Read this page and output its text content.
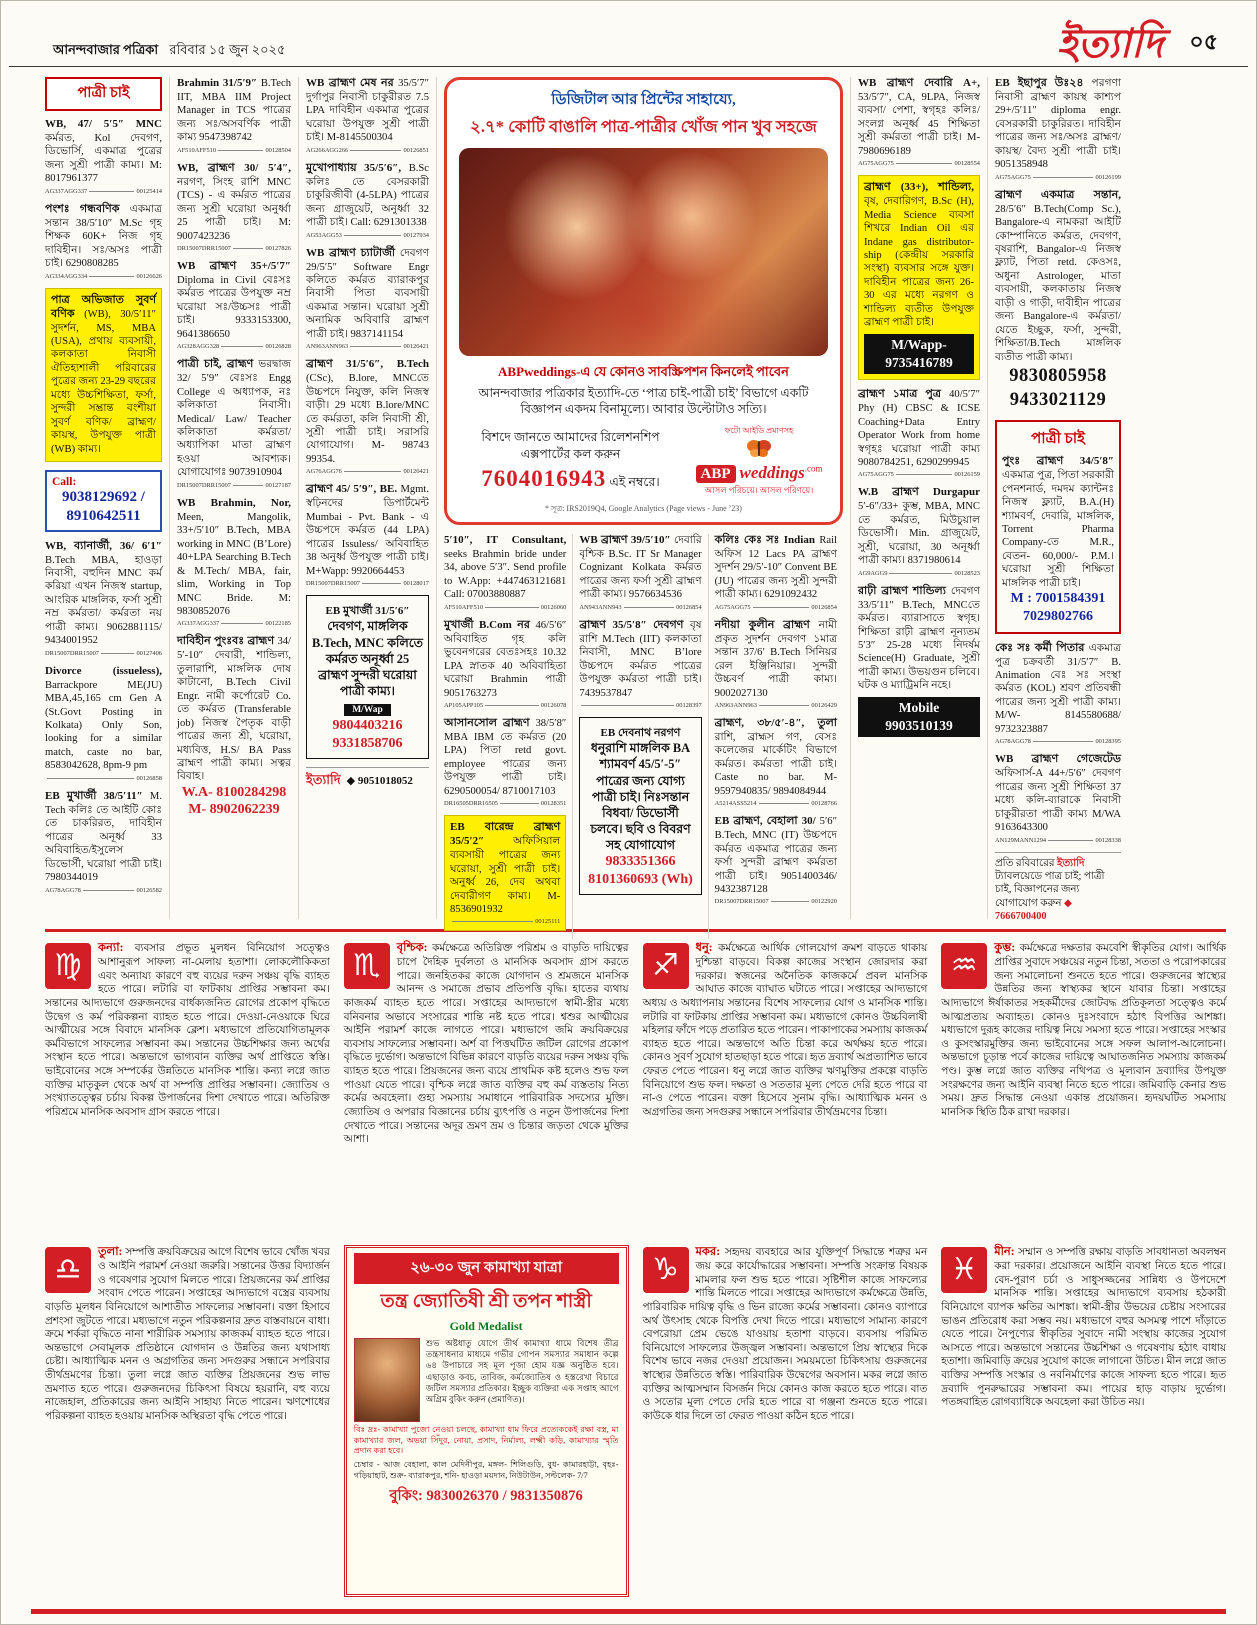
আনন্দবাজার পত্রিকা রবিবার ১৫ জুন ২০২৫	ইত্যাদি ০৫
পাত্রী চাই

WB, 47/ 5′5″ MNC কর্মরত, Kol দেবগণ, ডিভোর্সি, একমাত্র পুত্রের জন্য সুশ্রী পাত্রী কাম্য। M: 8017961377

AG337AGG337	00125414

পংশঃ গন্ধবণিক একমাত্র সন্তান 38/5′10″ M.Sc গৃহ শিক্ষক 60K+ নিজ গৃহ দাবিহীন। সঃ/অসঃ পাত্রী চাই। 6290808285

AG334AGG334	00126626

পাত্র অভিজাত সুবর্ণ বণিক (WB), 30/5′11″ সুদর্শন, MS, MBA (USA), প্রথায় ব্যবসায়ী, কলকাতা নিবাসী ঐতিহ্যশালী পরিবারের পুত্রের জন্য 23-29 বছরের মধ্যে উচ্চশিক্ষিতা, ফর্সা, সুন্দরী সম্ভ্রান্ত বংশীয়া সুবর্ণ বণিক/ ব্রাহ্মণ/ কায়স্থ, উপযুক্ত পাত্রী (WB) কাম্য।

Call:
9038129692 /
8910642511

WB, ব্যানার্জী, 36/ 6′1″ B.Tech MBA, হাওড়া নিবাসী, বহুদিন MNC কর্ম করিয়া এখন নিজস্ব startup, আংরিক মাঙ্গলিক, ফর্সা সুশ্রী নম্র কর্মরতা/ কর্মরতা নয় পাত্রী কাম্য। 9062881115/ 9434001952

DR15007DRR15007	00127406

Divorce (issueless), Barrackpore ME(JU) MBA,45,165 cm Gen A (St.Govt Posting in Kolkata) Only Son, looking for a similar match, caste no bar, 8583042628, 8pm-9 pm

00126858

EB মুখার্জী 38/5′11″ M. Tech কলিঃ তে আইটি কোঃ তে চাকরিরত, দাবিহীন পাত্রের অনূর্ধ্ব 33 অবিবাহিত/ইসুলেস ডিভোর্সী, ঘরোয়া পাত্রী চাই। 7980344019

AG78AGG78	00126582

Brahmin 31/5′9″ B.Tech IIT, MBA IIM Project Manager in TCS পাত্রের জন্য সঃ/অসবর্ণিক পাত্রী কাম্য 9547398742

AF510AFF510	00128504

WB, ব্রাহ্মণ 30/ 5′4″, নরগণ, সিংহ রাশি MNC (TCS) - এ কর্মরত পাত্রের জন্য সুশ্রী ঘরোয়া অনুর্ধ্বা 25 পাত্রী চাই। M: 9007423236

DR15007DRR15007	00127826

WB ব্রাহ্মণ 35+/5′7″ Diploma in Civil বেঃসঃ কর্মরত পাত্রের উপযুক্ত নম্র ঘরোয়া সঃ/উচ্চসঃ পাত্রী চাই। 9333153300, 9641386650

AG328AGG328	00126828

পাত্রী চাই, ব্রাহ্মণ ভরদ্বাজ 32/ 5′9″ বেঃসঃ Engg College এ অধ্যাপক, নঃ কলিকাতা নিবাসী। Medical/ Law/ Teacher কলিকাতা কর্মরতা/ অধ্যাপিকা মাতা ব্রাহ্মণ হওয়া আবশ্যক। যোগাযোগঃ 9073910904

DR15007DRR15007	00127187

WB Brahmin, Nor, Meen, Mangolik, 33+/5′10″ B.Tech, MBA working in MNC (B’Lore) 40+LPA Searching B.Tech & M.Tech/ MBA, fair, slim, Working in Top MNC Bride. M: 9830852076

AG337AGG337	00122185

দাবিহীন পুংঃবঃ ব্রাহ্মণ 34/ 5′-10″ দেবারী, শান্ডিল্য, তুলারাশি, মাঙ্গলিক দোষ কাটানো, B.Tech Civil Engr. নামী কর্পোরেট Co. তে কর্মরত (Transferable job) নিজস্ব পৈতৃক বাড়ী পাত্রের জন্য শ্রী, ঘরোয়া, মধ্যবিত্ত, H.S/ BA Pass ব্রাহ্মণ পাত্রী কাম্য। সত্বর বিবাহ।

W.A- 8100284298
M- 8902062239

WB ব্রাহ্মণ মেষ নর 35/5′7″ দুর্গাপুর নিবাসী চাকুরীরত 7.5 LPA দাবিহীন একমাত্র পুত্রের ঘরোয়া উপযুক্ত সুশ্রী পাত্রী চাই। M-8145500304

AG266AGG266	00126851

মুখোপাধ্যায় 35/5′6″, B.Sc কলিঃ তে বেসরকারী চাকুরিজীবী (4-5LPA) পাত্রের জন্য গ্রাজুয়েট, অনুর্ধ্বা 32 পাত্রী চাই। Call: 6291301338

AG53AGG53	00127934

WB ব্রাহ্মণ চ্যাটার্জী দেবগণ 29/5′5″ Software Engr কলিতে কর্মরত ব্যারাকপুর নিবাসী পিতা ব্যবসায়ী একমাত্র সন্তান। ঘরোয়া সুশ্রী অনামিক অবিবারি ব্রাহ্মণ পাত্রী চাই। 9837141154

AN963ANN963	00126421

ব্রাহ্মণ 31/5′6″, B.Tech (CSc), B.lore, MNCতে উচ্চপদে নিযুক্ত, কলি নিজস্ব বাড়ী। 29 মধ্যে B.lore/MNC তে কর্মরতা, কলি নিবাসী শ্রী, সুশ্রী পাত্রী চাই। সরাসরি যোগাযোগ। M- 98743 99354.

AG76AGG76	00126421

ব্রাহ্মণ 45/ 5′9″, BE. Mgmt. স্বঢ়িনদের ডিপার্টমেন্ট Mumbai - Pvt. Bank - এ উচ্চপদে কর্মরত (44 LPA) পাত্রের Issuless/ অবিবাহিত 38 অনুর্ধ্ব উপযুক্ত পাত্রী চাই। M+Wapp: 9920664453

DR15007DRR15007	00128017

EB মুখার্জী 31/5′6″ দেবগণ, মাঙ্গলিক B.Tech, MNC কলিতে কর্মরত অনূর্ধ্বা 25 ব্রাহ্মণ সুন্দরী ঘরোয়া পাত্রী কাম্য।

M/Wap
9804403216
9331858706
ইত্যাদি ◆ 9051018052
ডিজিটাল আর প্রিন্টের সাহায্যে,
২.৭* কোটি বাঙালি পাত্র-পাত্রীর খোঁজ পান খুব সহজে

ABPweddings-এ যে কোনও সাবস্ক্রিপশন কিনলেই পাবেন

আনন্দবাজার পত্রিকার ইত্যাদি-তে ‘পাত্র চাই-পাত্রী চাই’ বিভাগে একটি বিজ্ঞাপন একদম বিনামূল্যে। আবার উল্টোটাও সত্যি।

বিশদে জানতে আমাদের রিলেশনশিপ এক্সপার্টের কল করুন
7604016943 এই নম্বরে।
ফটো আইডি প্রমাণসহ
ABP weddings$^{.com}$
আসল পরিচয়ে। আসল পরিণয়ে।
* সূত্র: IRS2019Q4, Google Analytics (Page views - June ’23)

5′10″, IT Consultant, seeks Brahmin bride under 34, above 5′3″. Send profile to W.App: +447463121681 Call: 07003880887

AF510AFF510	00126060

মুখার্জী B.Com নর 46/5′6″ অবিবাহিত গৃহ কলি ভুবেনগরের বেতঃসহঃ 10.32 LPA স্নাতক 40 অবিবাহিতা ঘরোয়া Brahmin পাত্রী 9051763273

AP105APP105	00126078

আসানসোল ব্রাহ্মণ 38/5′8″ MBA IBM তে কর্মরত (20 LPA) পিতা retd govt. employee পাত্রের জন্য উপযুক্ত পাত্রী চাই। 6290500054/ 8710017103

DR16505DRR16505	00128351

EB বারেন্দ্র ব্রাহ্মণ 35/5′2″ অফিসিয়াল ব্যবসায়ী পাত্রের জন্য ঘরোয়া, সুশ্রী পাত্রী চাই। অনুর্ধ্ব 26, দেব অথবা দেবারীগণ কাম্য। M-8536901932

00125111

WB ব্রাহ্মণ 39/5′10″ দেবারি বৃশ্চিক B.Sc. IT Sr Manager Cognizant Kolkata কর্মরত পাত্রের জন্য ফর্সা সুশ্রী ব্রাহ্মণ পাত্রী কাম্য। 9576634536

AN943ANN943	00126854

ব্রাহ্মণ 35/5′8″ দেবগণ বৃষ রাশি M.Tech (IIT) কলকাতা নিবাসী, MNC B’lore উচ্চপদে কর্মরত পাত্রের উপযুক্ত কর্মরতা পাত্রী চাই। 7439537847

00128397

EB দেবনাথ নরগণ ধনুরাশি মাঙ্গলিক BA শ্যামবর্ণ 45/5′-5″ পাত্রের জন্য যোগ্য পাত্রী চাই। নিঃসন্তান বিধবা/ ডিভোর্সী চলবে। ছবি ও বিবরণ সহ যোগাযোগ

9833351366
8101360693 (Wh)

কলিঃ কেঃ সঃ Indian Rail অফিস 12 Lacs PA ব্রাহ্মণ সুদর্শন 29/5′-10″ Convent BE (JU) পাত্রের জন্য সুশ্রী সুন্দরী পাত্রী কাম্য। 6291092432

AG75AGG75	00126854

নদীয়া কুলীন ব্রাহ্মণ নামী প্রকৃত সুদর্শন দেবগণ ১মাত্র সন্তান 37/6′ B.Tech সিনিয়র রেল ইঞ্জিনিয়ার। সুন্দরী উচ্চবর্ণ পাত্রী কাম্য। 9002027130

AN963ANN963	00126429

ব্রাহ্মণ, ৩৮/৫′-৪″, তুলা রাশি, ব্রাহ্মস গণ, বেসঃ কলেজের মার্কেটিং বিভাগে কর্মরত। কর্মরতা পাত্রী চাই। Caste no bar. M-9597940835/ 9894084944

A5214ASS5214	00128766

EB ব্রাহ্মণ, বেহালা 30/ 5′6″ B.Tech, MNC (IT) উচ্চপদে কর্মরত একমাত্র পাত্রের জন্য ফর্সা সুন্দরী ব্রাহ্মণ কর্মরতা পাত্রী চাই। 9051400346/ 9432387128

DR15007DRR15007	00122920

WB ব্রাহ্মণ দেবারি A+, 53/5′7″, CA, 9LPA, নিজস্ব ব্যবসা/ পেশা, স্বগৃহঃ কলিঃ/ সংলগ্ন অনূর্ধ্ব 45 শিক্ষিতা সুশ্রী কর্মরতা পাত্রী চাই। M-7980696189

AG75AGG75	00128554

ব্রাহ্মণ (33+), শান্ডিল্য, বৃষ, দেবারিগণ, B.Sc (H), Media Science ব্যবসা শিখরে Indian Oil এর Indane gas distributor-ship (কেন্দ্রীয় সরকারি সংস্থা) ব্যবসার সঙ্গে যুক্ত। দাবিহীন পাত্রের জন্য 26-30 এর মধ্যে নরগণ ও শান্ডিল্য ব্যতীত উপযুক্ত ব্রাহ্মণ পাত্রী চাই।

M/Wapp-
9735416789

ব্রাহ্মণ ১মাত্র পুত্র 40/5′7″ Phy (H) CBSC & ICSE Coaching+Data Entry Operator Work from home স্বগৃহঃ ঘরোয়া পাত্রী কাম্য 9080784251, 6290299945

AG75AGG75	00126159

W.B ব্রাহ্মণ Durgapur 5′-6″/33+ কুম্ভ, MBA, MNC তে কর্মরত, মিউচুয়াল ডিভোর্সী। Min. গ্রাজুয়েট, সুশ্রী, ঘরোয়া, 30 অনূর্ধ্বা পাত্রী কাম্য। 8371980614

AG9AGG9	00128523

রাঢ়ী ব্রাহ্মণ শান্ডিল্য দেবগণ 33/5′11″ B.Tech, MNCতে কর্মরত। ব্যারাসাতে স্বগৃহ। শিক্ষিতা রাঢ়ী ব্রাহ্মণ নূন্যতম 5′3″ 25-28 মধ্যে নিদর্ষম Science(H) Graduate, সুশ্রী পাত্রী কাম্য। উভয়গুন চলিবে। ঘটক ও ম্যাট্রিমনি নহে।

Mobile
9903510139

EB ইছাপুর উঃ২৪ পরগণা নিবাসী ব্রাহ্মণ কায়স্থ কাশ্যপ 29+/5′11″ diploma engr. বেসরকারী চাকুরিরত। দাবিহীন পাত্রের জন্য সঃ/অসঃ ব্রাহ্মণ/ কায়স্থ/ বৈদ্য সুশ্রী পাত্রী চাই। 9051358948

AG75AGG75	00126199

ব্রাহ্মণ একমাত্র সন্তান, 28/5′6″ B.Tech(Comp Sc.), Bangalore-এ নামকরা আইটি কোম্পানিতে কর্মরত, দেবগণ, বৃষরাশি, Bangalor-এ নিজস্ব ফ্ল্যাট, পিতা retd. কেওসঃ, অধুনা Astrologer, মাতা ব্যবসায়ী, কলকাতায় নিজস্ব বাড়ী ও গাড়ী, দাবীহীন পাত্রের জন্য Bangalore-এ কর্মরতা/যেতে ইচ্ছুক, ফর্সা, সুন্দরী, শিক্ষিতা/B.Tech মাঙ্গলিক ব্যতীত পাত্রী কাম্য।

9830805958
9433021129
পাত্রী চাই

পুংঃ ব্রাহ্মণ 34/5′8″ একমাত্র পুত্র, পিতা সরকারী পেনশনার্ড, দমদম ক্যান্টনঃ নিজস্ব ফ্ল্যাট, B.A.(H) শ্যামবর্ণ, দেবারি, মাঙ্গলিক, Torrent Pharma Company-তে M.R., বেতন- 60,000/- P.M.। ঘরোয়া সুশ্রী শিক্ষিতা মাঙ্গলিক পাত্রী চাই।

M : 7001584391
7029802766

কেঃ সঃ কর্মী পিতার একমাত্র পুত্র চক্রবর্তী 31/5′7″ B. Animation বেঃ সঃ সংস্থা কর্মরত (KOL) শ্রবণ প্রতিবন্ধী পাত্রের জন্য সুশ্রী পাত্রী কাম্য। M/W- 8145580688/ 9732323887

AG78AGG78	00128395

WB ব্রাহ্মণ গেজেটেড অফিসার্স-A 44+/5′6″ দেবগণ পাত্রের জন্য সুশ্রী শিক্ষিতা 37 মধ্যে কলি-ব্যারাকে নিবাসী চাকুরীরতা পাত্রী কাম্য M/WA 9163643300

AN129MANN1294	00128338
প্রতি রবিবারের ইত্যাদি ট্যাবলয়েডে পাত্র চাই; পাত্রী চাই, বিজ্ঞাপনের জন্য যোগাযোগ করুন ◆ 7666700400
♍

কন্যা: ব্যবসার প্রভূত মুলধন বিনিয়োগ সত্ত্বেও আশানুরূপ সাফল্য না-মেলায় হতাশা। লোকলৌকিকতা এবং অন্যায্য কারণে বহু ব্যয়ের দরুন সঞ্চয় বৃদ্ধি ব্যাহত হতে পারে। লটারি বা ফাটকায় প্রাপ্তির সম্ভাবনা কম। সন্তানের আদ্যভাগে গুরুজনদের বার্ধক্যজনিত রোগের প্রকোপ বৃদ্ধিতে উদ্বেগ ও কর্ম পরিকল্পনা ব্যাহত হতে পারে। দেওয়া-নেওয়াকে ঘিরে আত্মীয়ের সঙ্গে বিবাদে মানসিক ক্লেশ। মধ্যভাগে প্রতিযোগিতামূলক কর্মবিভাগে সাফল্যের সম্ভাবনা কম। সন্তানের উচ্চশিক্ষার জন্য অর্থের সংস্থান হতে পারে। অন্তভাগে ভাগ্যবান ব্যক্তির অর্থ প্রাপ্তিতে স্বস্তি। ভাইবোনের সঙ্গে সম্পর্কের উন্নতিতে মানসিক শান্তি। কন্যা লগ্নে জাত ব্যক্তির মাতৃকুল থেকে অর্থ বা সম্পত্তি প্রাপ্তির সম্ভাবনা। জ্যোতিষ ও সংখ্যাতত্ত্বের চর্চায় বিকল্প উপার্জনের দিশা দেখাতে পারে। অতিরিক্ত পরিশ্রমে মানসিক অবসাদ গ্রাস করতে পারে।

♏

বৃশ্চিক: কর্মক্ষেত্রে অতিরিক্ত পরিশ্রম ও বাড়তি দায়িত্বের চাপে দৈহিক দুর্বলতা ও মানসিক অবসাদ গ্রাস করতে পারে। জনহিতকর কাজে যোগদান ও শ্রমজনে মানসিক আনন্দ ও সমাজে প্রভাব প্রতিপত্তি বৃদ্ধি। হাতের ব্যথায় কাজকর্ম ব্যাহত হতে পারে। সপ্তাহের আদ্যভাগে স্বামী-স্ত্রীর মধ্যে বনিবনার অভাবে সংসারের শান্তি নষ্ট হতে পারে। শ্বশুর আত্মীয়ের আইনি পরামর্শ কাজে লাগতে পারে। মধ্যভাগে জমি ক্রয়বিক্রয়ের ব্যবসায় সাফল্যের সম্ভাবনা। অর্শ বা পিত্তঘটিত জটিল রোগের প্রকোপ বৃদ্ধিতে দুর্ভোগ। অন্তভাগে বিভিন্ন কারণে বাড়তি ব্যয়ের দরুন সঞ্চয় বৃদ্ধি ব্যাহত হতে পারে। প্রিয়জনের জন্য ব্যয়ে প্রাথমিক কষ্ট হলেও শুভ ফল পাওয়া যেতে পারে। বৃশ্চিক লগ্নে জাত ব্যক্তির বহু কর্ম ব্যস্ততায় নিত্য কর্মের অবহেলা। গুহ্য সমস্যায় সমাধানে পারিবারিক সদস্যের মুক্তি। জ্যোতিষ ও অপরার বিজ্ঞানের চর্চায় ব্যুৎপত্তি ও নতুন উপার্জনের দিশা দেখাতে পারে। সন্তানের অদূর ভ্রমণ ভ্রম ও চিন্তার জড়তা থেকে মুক্তির আশা।

♐

ধনু: কর্মক্ষেত্রে আর্থিক গোলযোগ ক্রমশ বাড়তে থাকায় দুশ্চিন্তা বাড়বে। বিকল্প কাজের সংস্থান জোরদার করা দরকার। স্বজনের অনৈতিক কাজকর্মে প্রবল মানসিক আঘাত কাজে ব্যাঘাত ঘটাতে পারে। সপ্তাহের আদ্যভাগে অধ্যয় ও অধ্যাপনায় সন্তানের বিশেষ সাফল্যের যোগ ও মানসিক শান্তি। লটারি বা ফাটকায় প্রাপ্তির সম্ভাবনা কম। মধ্যভাগে কোনও উচ্চবিলাষী মহিলার ফাঁদে পড়ে প্রতারিত হতে পারেন। পাকাপাকের সমস্যায় কাজকর্ম ব্যাহত হতে পারে। অন্তভাগে অতি চিন্তা করে অর্থক্ষয় হতে পারে। কোনও সুবর্ণ সুযোগ হাতছাড়া হতে পারে। হৃত দ্রব্যার্থ অপ্রত্যাশিত ভাবে ফেরত পেতে পারেন। ধনু লগ্নে জাত ব্যক্তির ঋণমুক্তির প্রকল্পে বাড়তি বিনিয়োগে শুভ ফল। দক্ষতা ও সততার মূল্য পেতে দেরি হতে পারে বা না-ও পেতে পারেন। বক্তা হিসেবে সুনাম বৃদ্ধি। আধ্যাত্মিক মনন ও অগ্রগতির জন্য সদগুরুর সন্ধানে সপরিবার তীর্থভ্রমণের চিন্তা।

♒

কুম্ভ: কর্মক্ষেত্রে দক্ষতার কমবেশি স্বীকৃতির যোগ। আর্থিক প্রাপ্তির সুবাদে সঞ্চয়ের নতুন চিন্তা, সততা ও পরোপকারের জন্য সমালোচনা শুনতে হতে পারে। গুরুজনের স্বাস্থ্যের উন্নতির জন্য স্বাস্থ্যকর স্থানে যাবার চিন্তা। সপ্তাহের আদ্যভাগে ঈর্ষাকাতর সহকর্মীদের জোটবদ্ধ প্রতিকূলতা সত্ত্বেও কর্মে আত্মপ্রত্যয় অব্যাহত। কোনও দুঃসংবাদে হঠাৎ বিপত্তির আশঙ্কা। মধ্যভাগে দুরূহ কাজের দায়িত্ব নিয়ে সমস্যা হতে পারে। সপ্তাহের সংস্কার ও কুসংস্কারমুক্তির জন্য ভাইবোনের সঙ্গে সফল আলাপ-আলোচনা। অন্তভাগে চূড়ান্ত পর্বে কাজের দায়িত্বে আঘাতজনিত সমস্যায় কাজকর্ম পণ্ড। কুম্ভ লগ্নে জাত ব্যক্তির নথিপত্র ও মূল্যবান দ্রব্যাদির উপযুক্ত সংরক্ষণের জন্য আইনি ব্যবস্থা নিতে হতে পারে। জমিবাড়ি কেনার শুভ সময়। দ্রুত সিদ্ধান্ত নেওয়া একান্ত প্রয়োজন। হৃদয়ঘটিত সমস্যায় মানসিক স্থিতি ঠিক রাখা দরকার।

♎

তুলা: সম্পত্তি ক্রয়বিক্রয়ের আগে বিশেষ ভাবে খোঁজ খবর ও আইনি পরামর্শ নেওয়া জরুরি। সন্তানের উত্তর বিদ্যার্জন ও গবেষণার সুযোগ মিলতে পারে। প্রিয়জনের কর্ম প্রাপ্তির সংবাদ পেতে পারেন। সপ্তাহের আদ্যভাগে বস্ত্রের ব্যবসায় বাড়তি মূলধন বিনিয়োগে আশাতীত সাফল্যের সম্ভাবনা। বক্তা হিসাবে প্রশংসা জুটতে পারে। মধ্যভাগে নতুন পরিকল্পনার দ্রুত বাস্তবায়নে বাধা। ক্রমে শর্করা বৃদ্ধিতে নানা শারীরিক সমস্যায় কাজকর্ম ব্যাহত হতে পারে। অন্তভাগে সেবামূলক প্রতিষ্ঠানে যোগদান ও উন্নতির জন্য যথাসাধ্য চেষ্টা। আধ্যাত্মিক মনন ও অগ্রগতির জন্য সদগুরুর সন্ধানে সপরিবার তীর্থভ্রমণের চিন্তা। তুলা লগ্নে জাত ব্যক্তির প্রিয়জনের শুভ লাভ ভ্রমণাত হতে পারে। গুরুজনদের চিকিৎসা বিষয়ে হয়রানি, বহু ব্যয়ে নাজেহাল, প্রতিকারের জন্য আইনি সাহায্য নিতে পারেন। ঋণশোধের পরিকল্পনা ব্যাহত হওয়ায় মানসিক অস্থিরতা বৃদ্ধি পেতে পারে।

২৬-৩০ জুন কামাখ্যা যাত্রা
তন্ত্র জ্যোতিষী শ্রী তপন শাস্ত্রী
Gold Medalist

শুভ অষ্টধাতু যোগে তীর্থ কামাখ্যা ধামে বিশেষ তীব্র তন্ত্রসাধনার মাধ্যমে গভীর গোপন সমস্যার সমাধান কল্পে ৬৪ উপাচারে সহ মূল পূজা হোম যজ্ঞ অনুষ্ঠিত হবে। এছাড়াও কবচ, তাবিজ, কর্মজ্যোতিষ ও হস্তরেখা বিচারে জটিল সমস্যার প্রতিকার। ইচ্ছুক ব্যক্তিরা এক সপ্তাহ আগে অগ্রিম বুকিং করুন (প্রমাণিত)।

বিঃ দ্রঃ- কামাখ্যা পুজো নেওয়া চলছে, কামাখ্যা ধাম ফিরে প্রত্যেককেই রক্ষা বস্ত্র, মা কামাখ্যার জল, অভয়া সিঁদুর, নোয়া, প্রসাদ, নির্মাল্য, লক্ষ্মী কড়ি, কামাখ্যার স্মৃতি প্রদান করা হবে।

চেম্বার - আজ বেহালা, কাল মেদিনীপুর, মঙ্গল- শিলিগুড়ি, বুধ- কামারহাট্টা, বৃহঃ- গড়িয়াহাট, শুক্র- ব্যারাকপুর, শনি- হাওড়া ময়দান, নিউটাউন, সল্টলেক- 7/7

বুকিং: 9830026370 / 9831350876
♑

মকর: সহৃদয় ব্যবহারে আর যুক্তিপূর্ণ সিদ্ধান্তে শত্রুর মন জয় করে কার্যোদ্ধারের সম্ভাবনা। সম্পত্তি সংক্রান্ত বিষয়ক মামলার ফল শুভ হতে পারে। সৃষ্টিশীল কাজে সাফল্যের শান্তি মিলতে পারে। সপ্তাহের আদ্যভাগে কর্মক্ষেত্রে উন্নতি, পারিবারিক দায়িত্ব বৃদ্ধি ও ভিন রাজ্যে কর্মের সম্ভাবনা। কোনও ব্যাপারে অর্থ উৎসাহ থেকে বিপত্তি দেখা দিতে পারে। মধ্যভাগে সামান্য কারণে বেপরোয়া প্রেম ভেঙে যাওয়ায় হতাশা বাড়বে। ব্যবসায় পরিমিত বিনিয়োগে সাফল্যের উজ্জ্বল সম্ভাবনা। অন্তভাগে প্রিয় স্বাস্থ্যের দিকে বিশেষ ভাবে নজর দেওয়া প্রয়োজন। সময়মতো চিকিৎসায় গুরুজনের স্বাস্থ্যের উন্নতিতে স্বস্তি। পারিবারিক উদ্বেগের অবসান। মকর লগ্নে জাত ব্যক্তির আত্মসম্মান বিসর্জন দিয়ে কোনও কাজ করতে হতে পারে। বাত ও সতোর মূল্য পেতে দেরি হতে পারে বা গঞ্জনা শুনতে হতে পারে। কাউকে ধার দিলে তা ফেরত পাওয়া কঠিন হতে পারে।

♓

মীন: সম্মান ও সম্পত্তি রক্ষায় বাড়তি সাবধানতা অবলম্বন করা দরকার। প্রয়োজনে আইনি ব্যবস্থা নিতে হতে পারে। বেদ-পুরাণ চর্চা ও সাধুসজ্জনের সান্নিধ্য ও উপদেশে মানসিক শান্তি। সপ্তাহের আদ্যভাগে ব্যবসায় হঠকারী বিনিয়োগে ব্যাপক ক্ষতির আশঙ্কা। স্বামী-স্ত্রীর উভয়ের চেষ্টায় সংসারের ভাঙন প্রতিরোধ করা সম্ভব নয়। মধ্যভাগে বহুর অসমত্ব পাশে দাঁড়াতে যেতে পারে। নৈপুণ্যের স্বীকৃতির সুবাদে নামী সংস্থায় কাজের সুযোগ আসতে পারে। অন্তভাগে সন্তানের উচ্চশিক্ষা ও গবেষণায় হঠাৎ বাধায় হতাশা। জমিবাড়ি ক্রয়ের সুযোগ কাজে লাগানো উচিত। মীন লগ্নে জাত ব্যক্তির সম্পত্তি সংস্কার ও নবনির্মাণের কাজে সাফল্য হতে পারে। হৃত দ্রব্যাদি পুনরুদ্ধারের সম্ভাবনা কম। পায়ের হাড় বাড়ায় দুর্ভোগ। পতঙ্গবাহিত রোগব্যাধিকে অবহেলা করা উচিত নয়।
